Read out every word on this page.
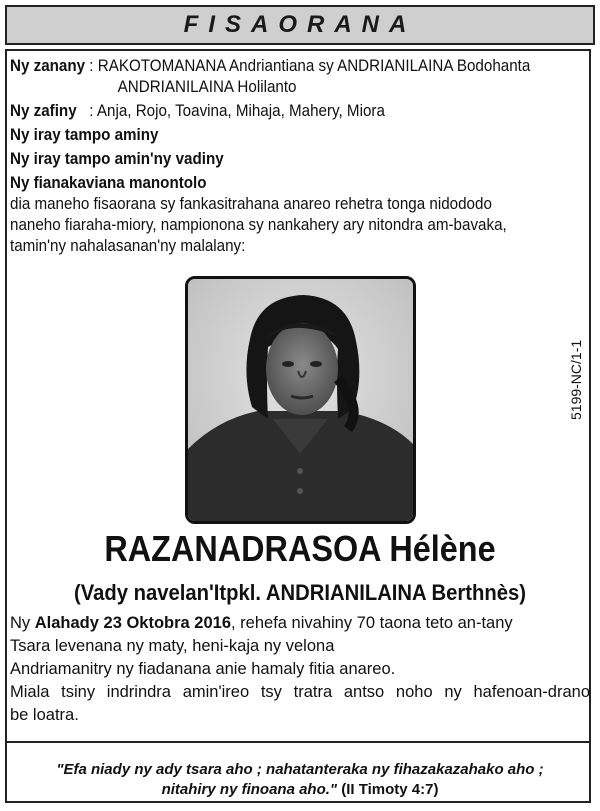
FISAORANA
Ny zanany : RAKOTOMANANA Andriantiana sy ANDRIANILAINA Bodohanta
ANDRIANILAINA Holilanto
Ny zafiny : Anja, Rojo, Toavina, Mihaja, Mahery, Miora
Ny iray tampo aminy
Ny iray tampo amin'ny vadiny
Ny fianakaviana manontolo
dia maneho fisaorana sy fankasitrahana anareo rehetra tonga nidododo
naneho fiaraha-miory, nampionona sy nankahery ary nitondra am-bavaka,
tamin'ny nahalasanan'ny malalany:
5199-NC/1-1
RAZANADRASOA Hélène
(Vady navelan'Itpkl. ANDRIANILAINA Berthnès)
Ny Alahady 23 Oktobra 2016, rehefa nivahiny 70 taona teto an-tany
Tsara levenana ny maty, heni-kaja ny velona
Andriamanitry ny fiadanana anie hamaly fitia anareo.
Miala tsiny indrindra amin'ireo tsy tratra antso noho ny hafenoan-drano
be loatra.
"Efa niady ny ady tsara aho ; nahatanteraka ny fihazakazahako aho ;
nitahiry ny finoana aho." (II Timoty 4:7)
